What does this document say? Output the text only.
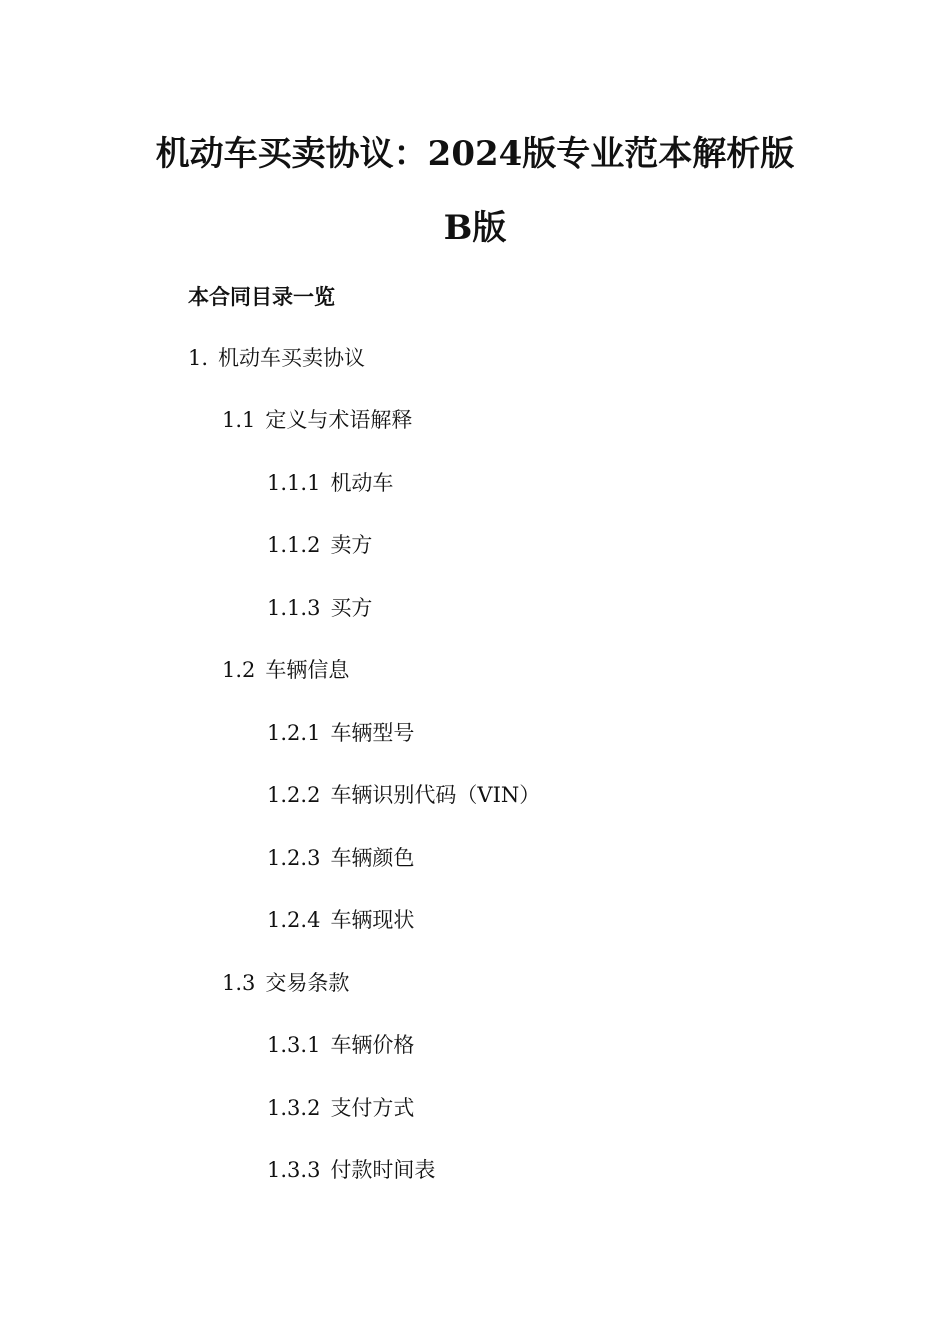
机动车买卖协议：2024版专业范本解析版
B版
本合同目录一览
1. 机动车买卖协议
1.1 定义与术语解释
1.1.1 机动车
1.1.2 卖方
1.1.3 买方
1.2 车辆信息
1.2.1 车辆型号
1.2.2 车辆识别代码（VIN）
1.2.3 车辆颜色
1.2.4 车辆现状
1.3 交易条款
1.3.1 车辆价格
1.3.2 支付方式
1.3.3 付款时间表
